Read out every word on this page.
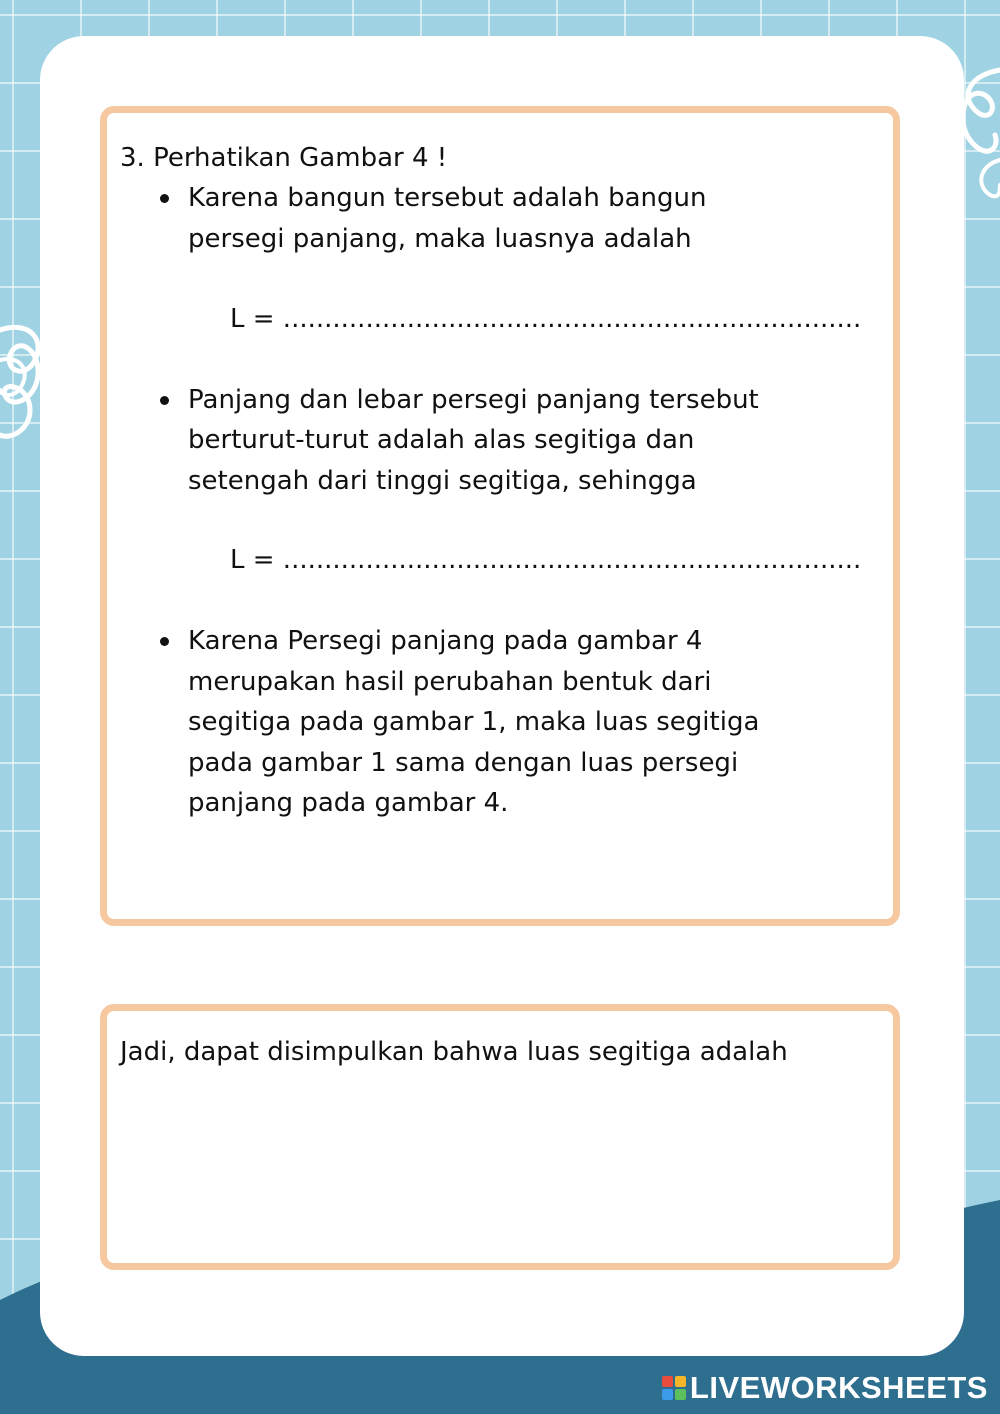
3. Perhatikan Gambar 4 !
Karena bangun tersebut adalah bangun
persegi panjang, maka luasnya adalah
L = ......................................................................
Panjang dan lebar persegi panjang tersebut
berturut-turut adalah alas segitiga dan
setengah dari tinggi segitiga, sehingga
L = ......................................................................
Karena Persegi panjang pada gambar 4
merupakan hasil perubahan bentuk dari
segitiga pada gambar 1, maka luas segitiga
pada gambar 1 sama dengan luas persegi
panjang pada gambar 4.
Jadi, dapat disimpulkan bahwa luas segitiga adalah
LIVEWORKSHEETS
